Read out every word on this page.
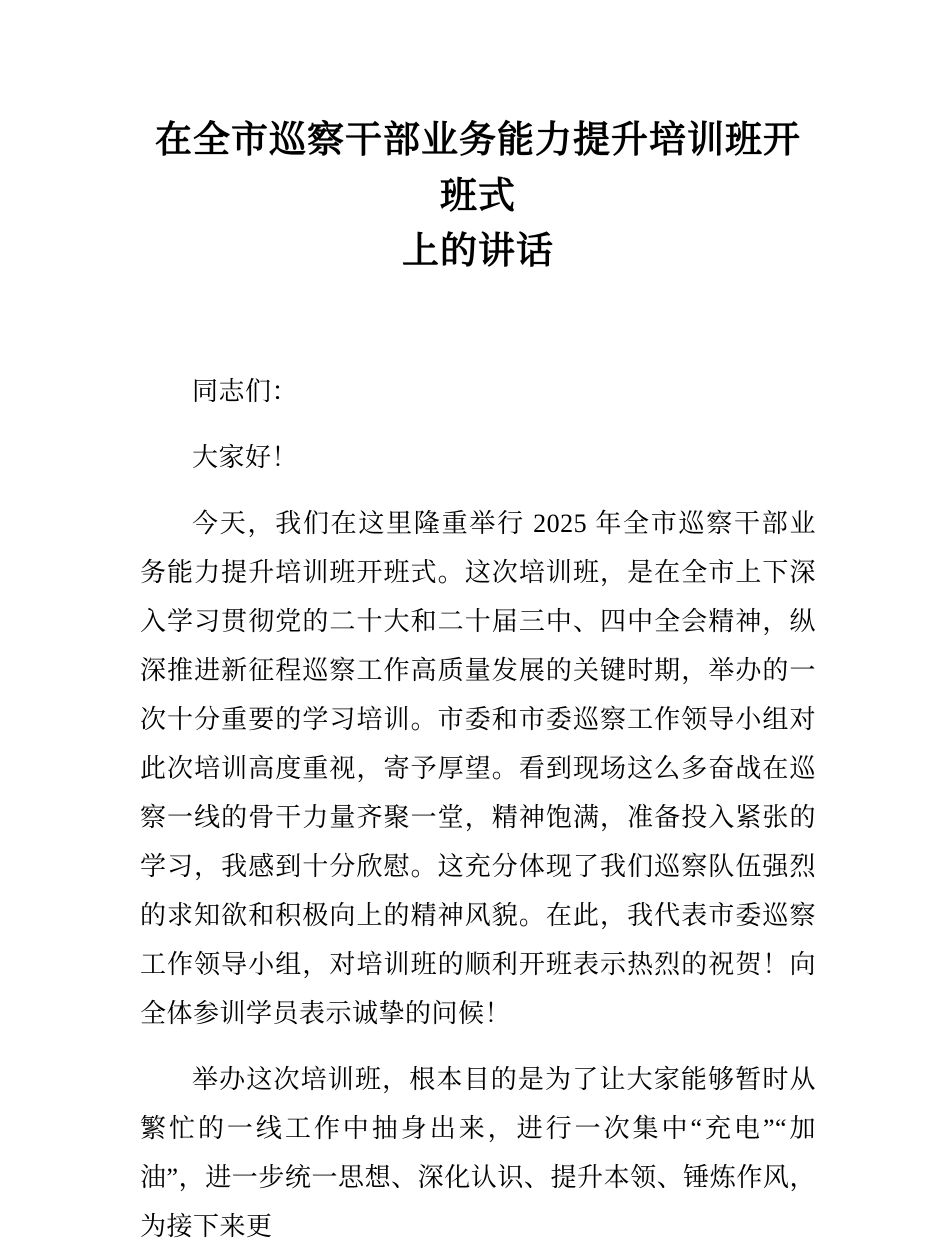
在全市巡察干部业务能力提升培训班开班式
上的讲话

同志们：

大家好！

今天，我们在这里隆重举行 2025 年全市巡察干部业务能力提升培训班开班式。这次培训班，是在全市上下深入学习贯彻党的二十大和二十届三中、四中全会精神，纵深推进新征程巡察工作高质量发展的关键时期，举办的一次十分重要的学习培训。市委和市委巡察工作领导小组对此次培训高度重视，寄予厚望。看到现场这么多奋战在巡察一线的骨干力量齐聚一堂，精神饱满，准备投入紧张的学习，我感到十分欣慰。这充分体现了我们巡察队伍强烈的求知欲和积极向上的精神风貌。在此，我代表市委巡察工作领导小组，对培训班的顺利开班表示热烈的祝贺！向全体参训学员表示诚挚的问候！

举办这次培训班，根本目的是为了让大家能够暂时从繁忙的一线工作中抽身出来，进行一次集中“充电”“加油”，进一步统一思想、深化认识、提升本领、锤炼作风，为接下来更
